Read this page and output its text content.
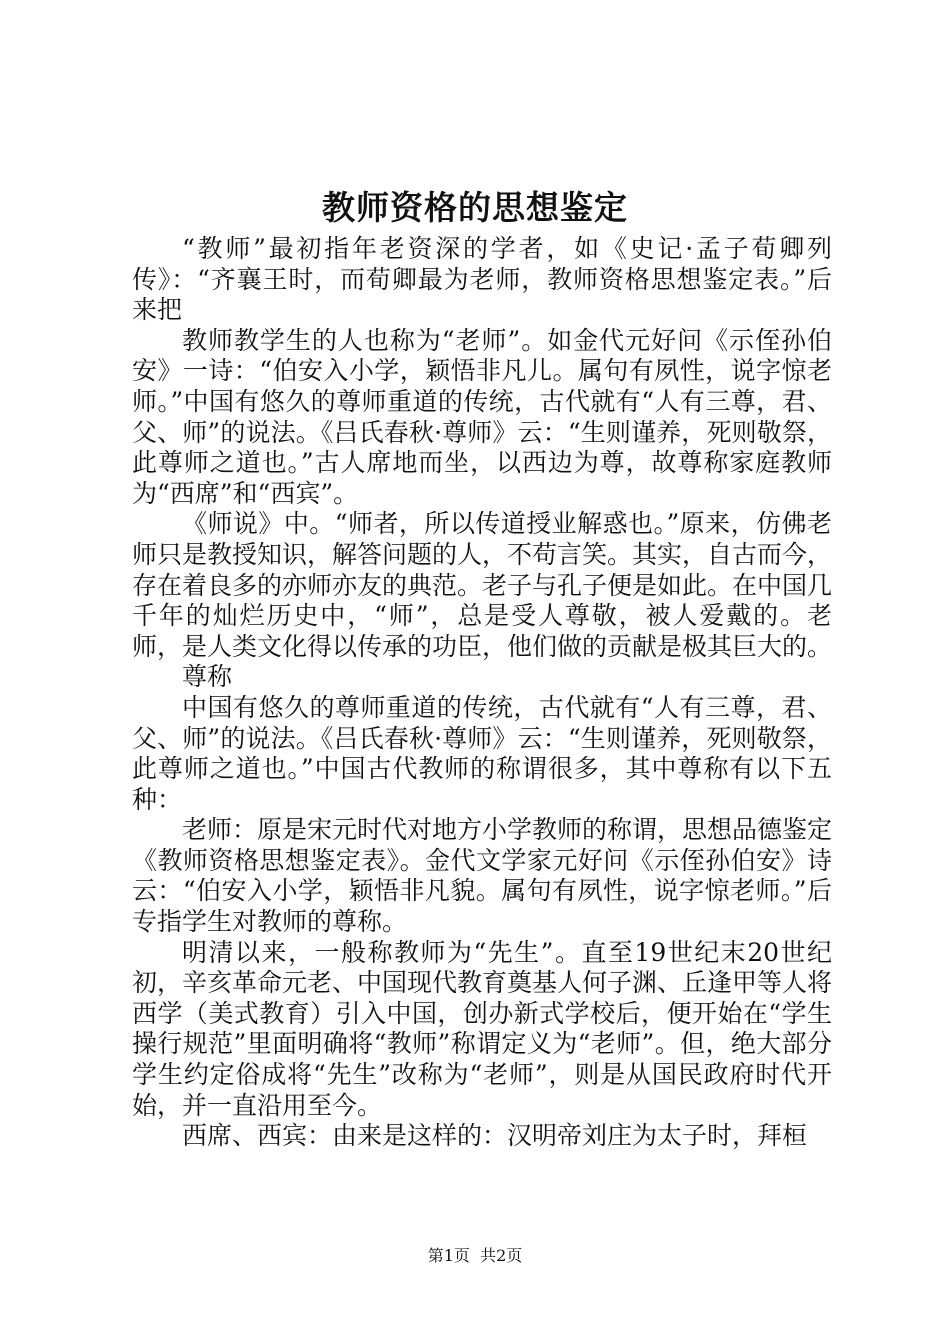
教师资格的思想鉴定

“教师”最初指年老资深的学者，如《史记·孟子荀卿列传》：“齐襄王时，而荀卿最为老师，教师资格思想鉴定表。”后来把

教师教学生的人也称为“老师”。如金代元好问《示侄孙伯安》一诗：“伯安入小学，颖悟非凡儿。属句有夙性，说字惊老师。”中国有悠久的尊师重道的传统，古代就有“人有三尊，君、父、师”的说法。《吕氏春秋·尊师》云：“生则谨养，死则敬祭，此尊师之道也。”古人席地而坐，以西边为尊，故尊称家庭教师为“西席”和“西宾”。

《师说》中。“师者，所以传道授业解惑也。”原来，仿佛老师只是教授知识，解答问题的人，不苟言笑。其实，自古而今，存在着良多的亦师亦友的典范。老子与孔子便是如此。在中国几千年的灿烂历史中，“师”，总是受人尊敬，被人爱戴的。老师，是人类文化得以传承的功臣，他们做的贡献是极其巨大的。

尊称

中国有悠久的尊师重道的传统，古代就有“人有三尊，君、父、师”的说法。《吕氏春秋·尊师》云：“生则谨养，死则敬祭，此尊师之道也。”中国古代教师的称谓很多，其中尊称有以下五种：

老师：原是宋元时代对地方小学教师的称谓，思想品德鉴定《教师资格思想鉴定表》。金代文学家元好问《示侄孙伯安》诗云：“伯安入小学，颖悟非凡貌。属句有夙性，说字惊老师。”后专指学生对教师的尊称。

明清以来，一般称教师为“先生”。直至19世纪末20世纪初，辛亥革命元老、中国现代教育奠基人何子渊、丘逢甲等人将西学（美式教育）引入中国，创办新式学校后，便开始在“学生操行规范”里面明确将“教师”称谓定义为“老师”。但，绝大部分学生约定俗成将“先生”改称为“老师”，则是从国民政府时代开始，并一直沿用至今。

西席、西宾：由来是这样的：汉明帝刘庄为太子时，拜桓

第1页 共2页
